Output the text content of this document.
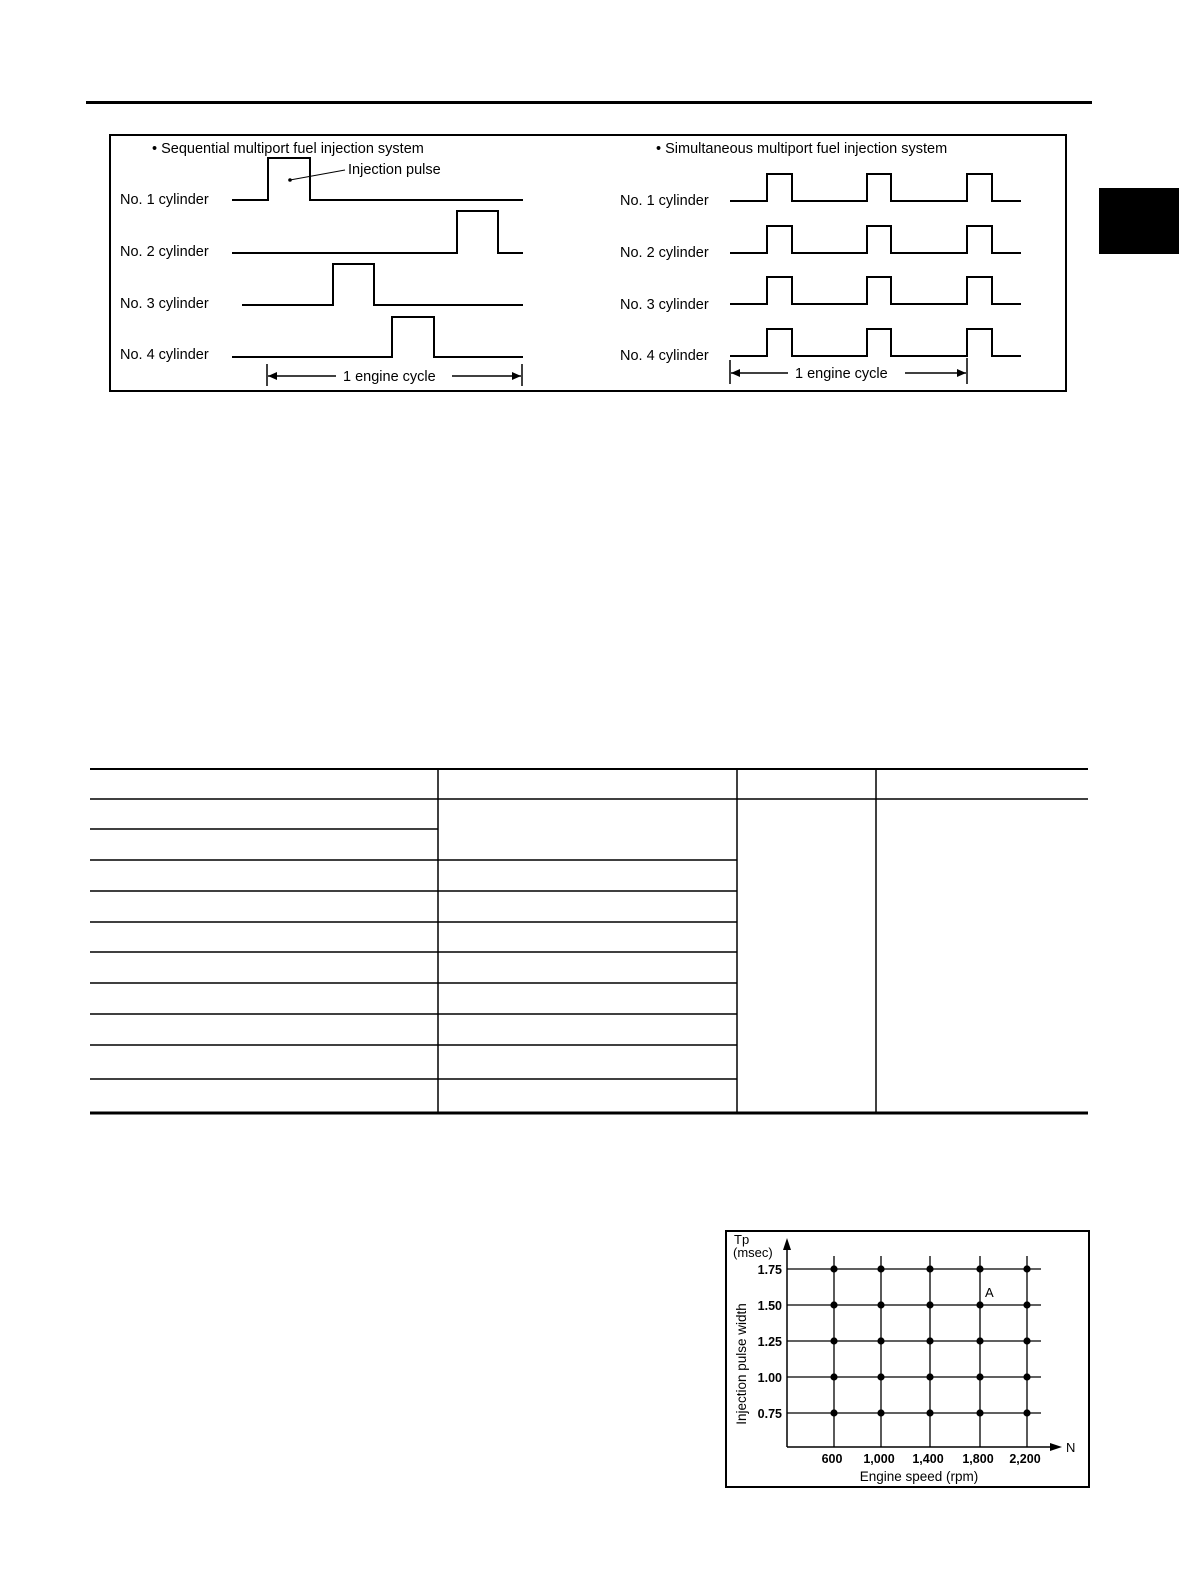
• Sequential multiport fuel injection system
Injection pulse
No. 1 cylinder
No. 2 cylinder
No. 3 cylinder
No. 4 cylinder
1 engine cycle
• Simultaneous multiport fuel injection system
No. 1 cylinder
No. 2 cylinder
No. 3 cylinder
No. 4 cylinder
1 engine cycle
1.75
1.50
1.25
1.00
0.75
600 1,000 1,400 1,800 2,200
Tp
(msec)
N
Engine speed (rpm)
Injection pulse width
A
